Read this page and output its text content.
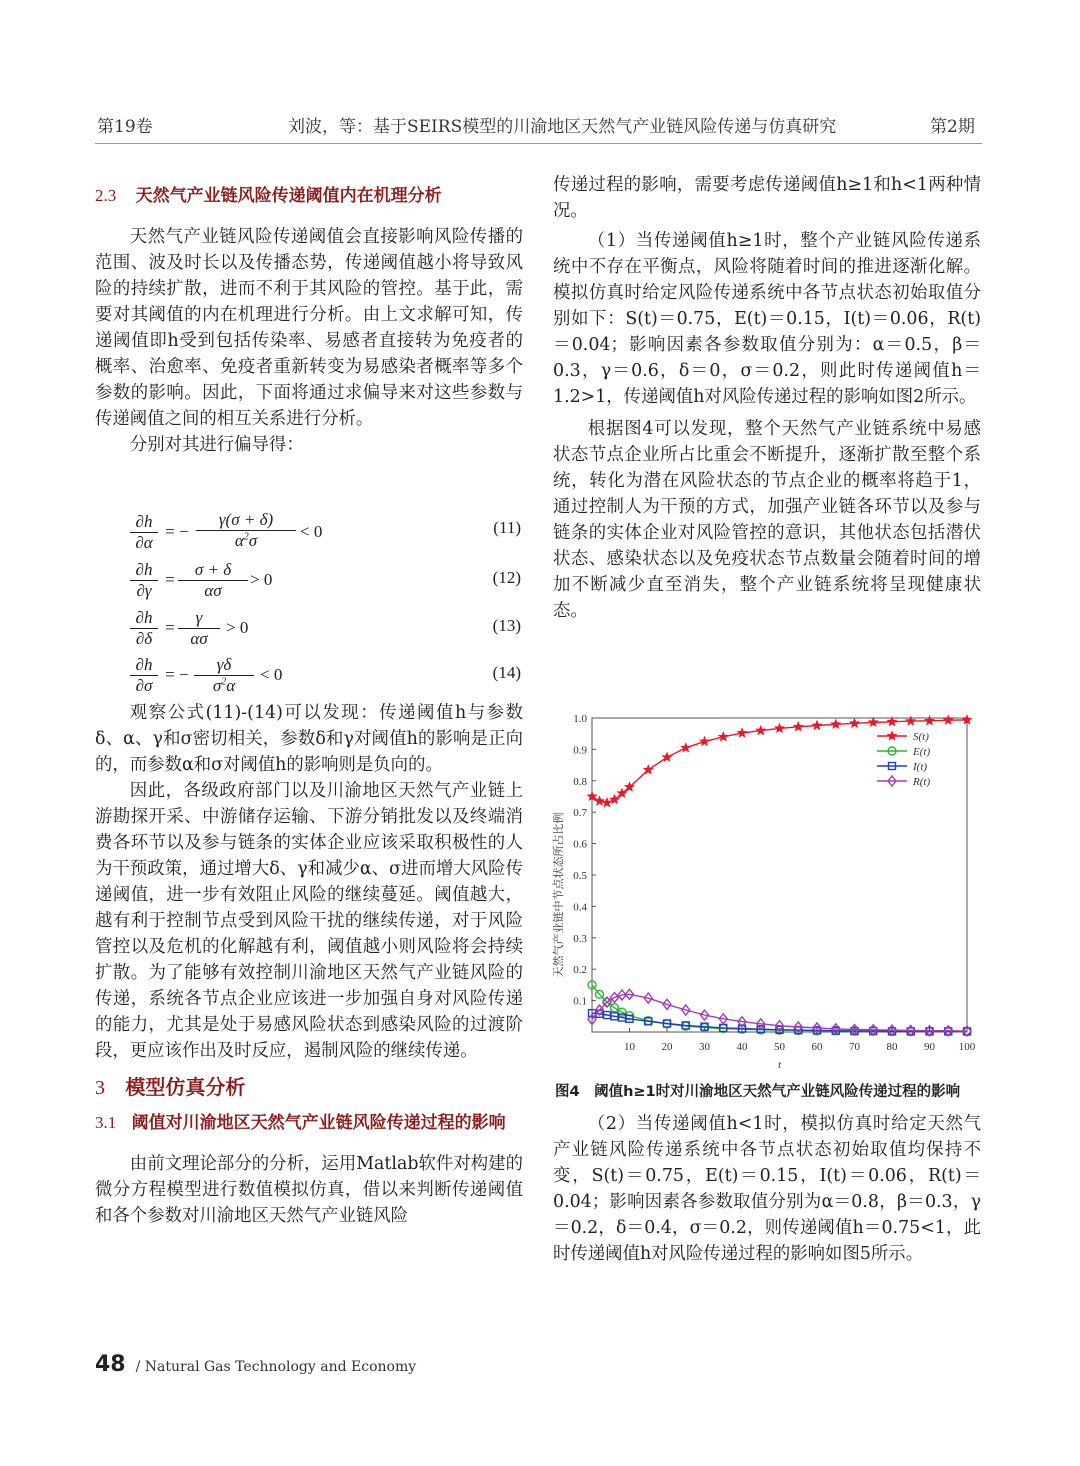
第19卷	刘波，等：基于SEIRS模型的川渝地区天然气产业链风险传递与仿真研究	第2期

2.3 天然气产业链风险传递阈值内在机理分析

天然气产业链风险传递阈值会直接影响风险传播的范围、波及时长以及传播态势，传递阈值越小将导致风险的持续扩散，进而不利于其风险的管控。基于此，需要对其阈值的内在机理进行分析。由上文求解可知，传递阈值即h受到包括传染率、易感者直接转为免疫者的概率、治愈率、免疫者重新转变为易感染者概率等多个参数的影响。因此，下面将通过求偏导来对这些参数与传递阈值之间的相互关系进行分析。

分别对其进行偏导得：

∂h
∂α
= −
γ(σ + δ)
$\alpha^2\sigma$	< 0	(11)
∂h
∂γ
=
σ + δ
ασ
> 0	(12)
∂h
∂δ
=
γ
ασ
> 0	(13)
∂h
∂σ
= −
γδ
$\sigma^2\alpha$
< 0	(14)

观察公式(11)-(14)可以发现：传递阈值h与参数δ、α、γ和σ密切相关，参数δ和γ对阈值h的影响是正向的，而参数α和σ对阈值h的影响则是负向的。

因此，各级政府部门以及川渝地区天然气产业链上游勘探开采、中游储存运输、下游分销批发以及终端消费各环节以及参与链条的实体企业应该采取积极性的人为干预政策，通过增大δ、γ和减少α、σ进而增大风险传递阈值，进一步有效阻止风险的继续蔓延。阈值越大，越有利于控制节点受到风险干扰的继续传递，对于风险管控以及危机的化解越有利，阈值越小则风险将会持续扩散。为了能够有效控制川渝地区天然气产业链风险的传递，系统各节点企业应该进一步加强自身对风险传递的能力，尤其是处于易感风险状态到感染风险的过渡阶段，更应该作出及时反应，遏制风险的继续传递。

3 模型仿真分析

3.1 阈值对川渝地区天然气产业链风险传递过程的影响

由前文理论部分的分析，运用Matlab软件对构建的微分方程模型进行数值模拟仿真，借以来判断传递阈值和各个参数对川渝地区天然气产业链风险

传递过程的影响，需要考虑传递阈值h≥1和h<1两种情况。

（1）当传递阈值h≥1时，整个产业链风险传递系统中不存在平衡点，风险将随着时间的推进逐渐化解。模拟仿真时给定风险传递系统中各节点状态初始取值分别如下：S(t)＝0.75，E(t)＝0.15，I(t)＝0.06，R(t)＝0.04；影响因素各参数取值分别为：α＝0.5，β＝0.3，γ＝0.6，δ＝0，σ＝0.2，则此时传递阈值h＝1.2>1，传递阈值h对风险传递过程的影响如图2所示。

根据图4可以发现，整个天然气产业链系统中易感状态节点企业所占比重会不断提升，逐渐扩散至整个系统，转化为潜在风险状态的节点企业的概率将趋于1，通过控制人为干预的方式，加强产业链各环节以及参与链条的实体企业对风险管控的意识，其他状态包括潜伏状态、感染状态以及免疫状态节点数量会随着时间的增加不断减少直至消失，整个产业链系统将呈现健康状态。

0.1
0.2
0.3
0.4
0.5
0.6
0.7
0.8
0.9
1.0
10 20 30 40 50 60 70 80 90 100
t
天然气产业链中节点状态所占比例
S(t)
E(t)
I(t)
R(t)
图4　阈值h≥1时对川渝地区天然气产业链风险传递过程的影响

（2）当传递阈值h<1时，模拟仿真时给定天然气产业链风险传递系统中各节点状态初始取值均保持不变，S(t)＝0.75，E(t)＝0.15，I(t)＝0.06，R(t)＝0.04；影响因素各参数取值分别为α＝0.8，β＝0.3，γ＝0.2，δ＝0.4，σ＝0.2，则传递阈值h＝0.75<1，此时传递阈值h对风险传递过程的影响如图5所示。

48 / Natural Gas Technology and Economy
